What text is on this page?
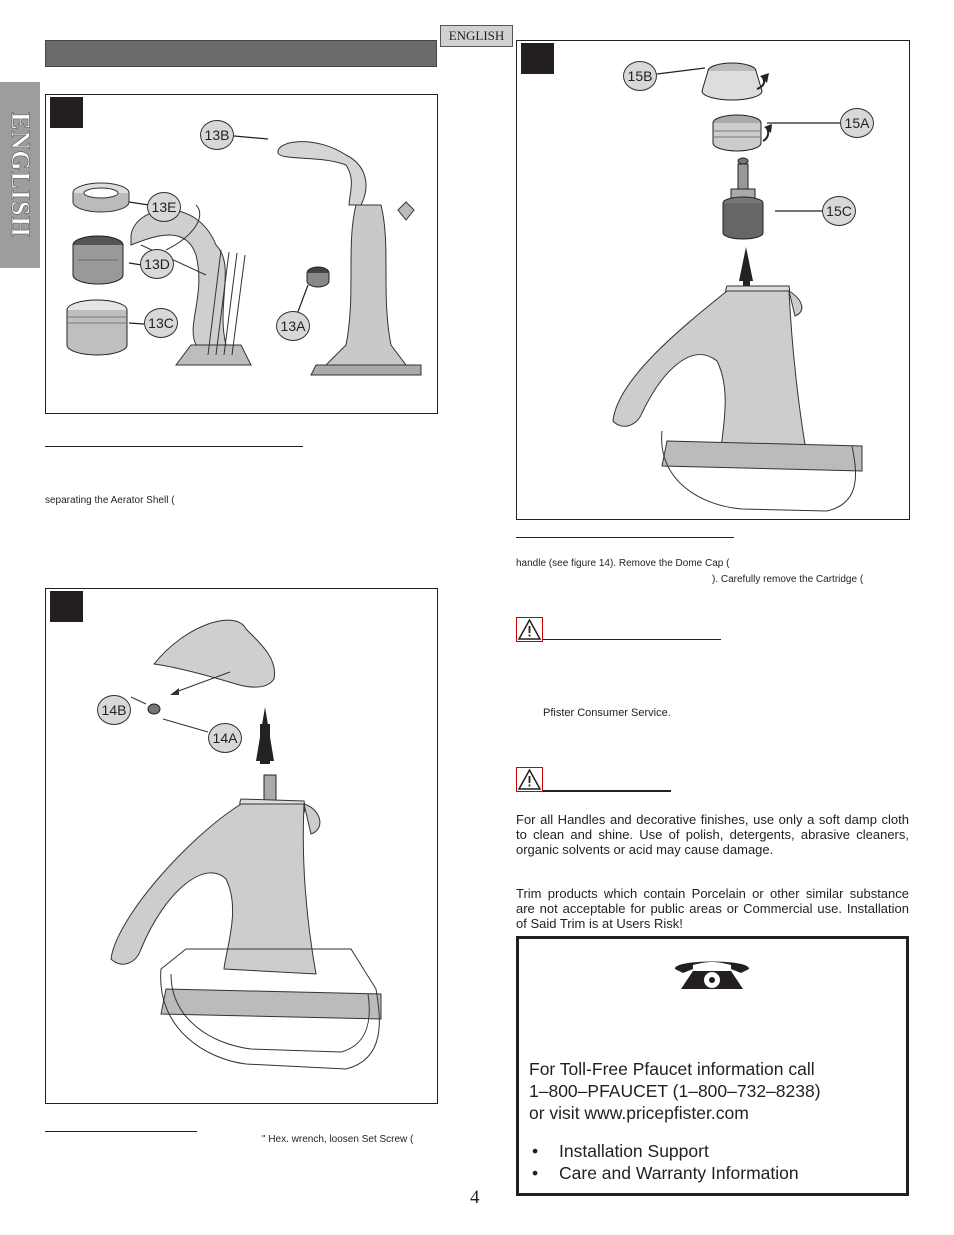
ENGLISH
ENGLISH	13B
13E
13D
13C	13A
separating the Aerator Shell (
14B
14A
" Hex. wrench, loosen Set Screw (
15B
15A
15C
handle (see figure 14). Remove the Dome Cap (
). Carefully remove the Cartridge (
Pfister Consumer Service.
For all Handles and decorative finishes, use only a soft damp cloth to clean and shine. Use of polish, detergents, abrasive cleaners, organic solvents or acid may cause damage.
Trim products which contain Porcelain or other similar substance are not acceptable for public areas or Commercial use. Installation of Said Trim is at Users Risk!
For Toll-Free Pfaucet information call
1–800–PFAUCET (1–800–732–8238)
or visit www.pricepfister.com
• Installation Support
• Care and Warranty Information
4
